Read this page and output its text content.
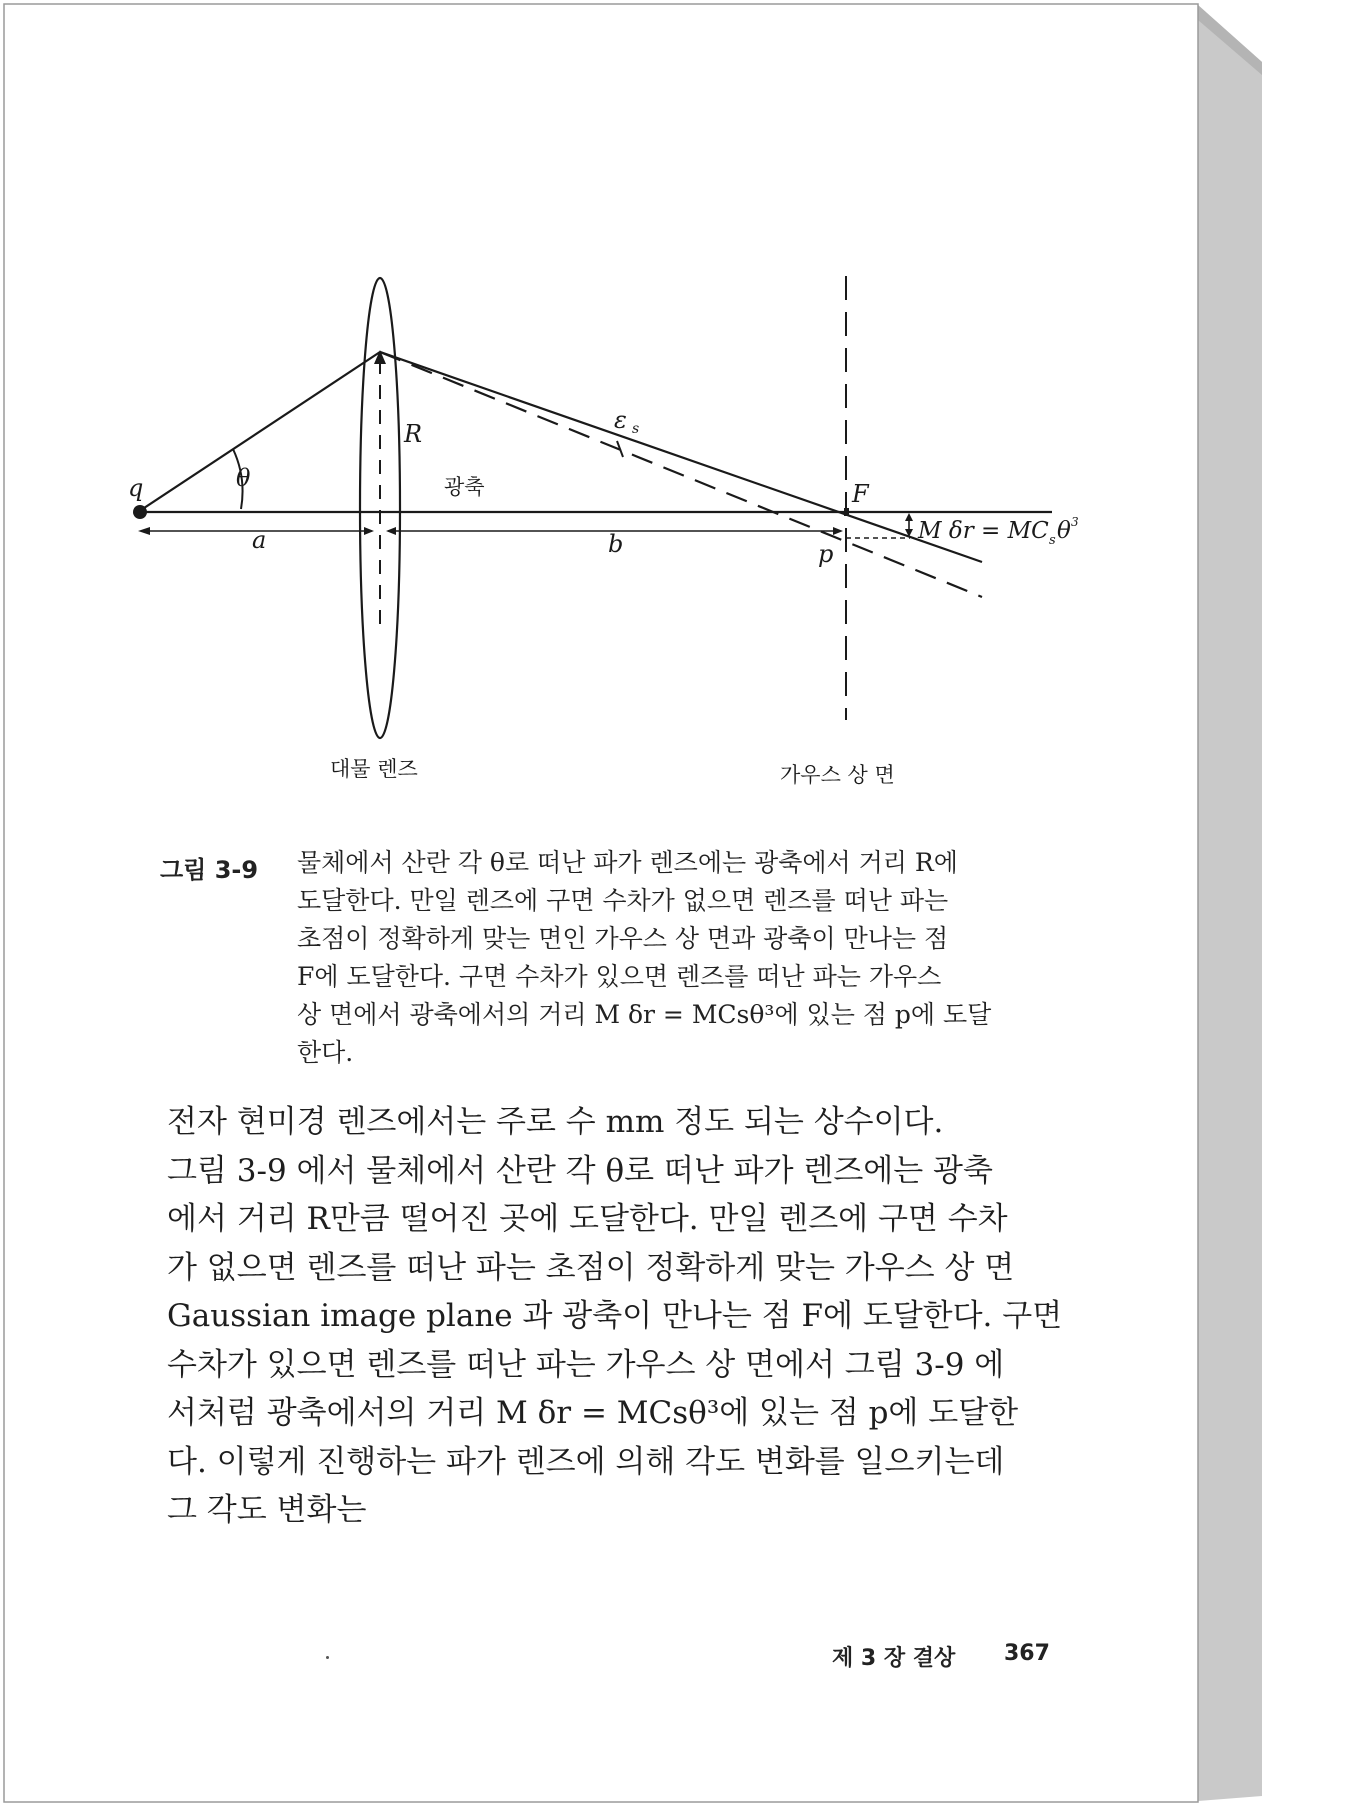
q	θ
R	ε s
F
a	b	p
M δr = MC s θ 3
광축
대물 렌즈	가우스 상 면
그림 3-9 물체에서 산란 각 θ로 떠난 파가 렌즈에는 광축에서 거리 R에

도달한다. 만일 렌즈에 구면 수차가 없으면 렌즈를 떠난 파는

초점이 정확하게 맞는 면인 가우스 상 면과 광축이 만나는 점

F에 도달한다. 구면 수차가 있으면 렌즈를 떠난 파는 가우스

상 면에서 광축에서의 거리 M δr = MCsθ³에 있는 점 p에 도달

한다.

전자 현미경 렌즈에서는 주로 수 mm 정도 되는 상수이다.

그림 3-9 에서 물체에서 산란 각 θ로 떠난 파가 렌즈에는 광축

에서 거리 R만큼 떨어진 곳에 도달한다. 만일 렌즈에 구면 수차

가 없으면 렌즈를 떠난 파는 초점이 정확하게 맞는 가우스 상 면

Gaussian image plane 과 광축이 만나는 점 F에 도달한다. 구면

수차가 있으면 렌즈를 떠난 파는 가우스 상 면에서 그림 3-9 에

서처럼 광축에서의 거리 M δr = MCsθ³에 있는 점 p에 도달한

다. 이렇게 진행하는 파가 렌즈에 의해 각도 변화를 일으키는데

그 각도 변화는

제 3 장 결상 367
